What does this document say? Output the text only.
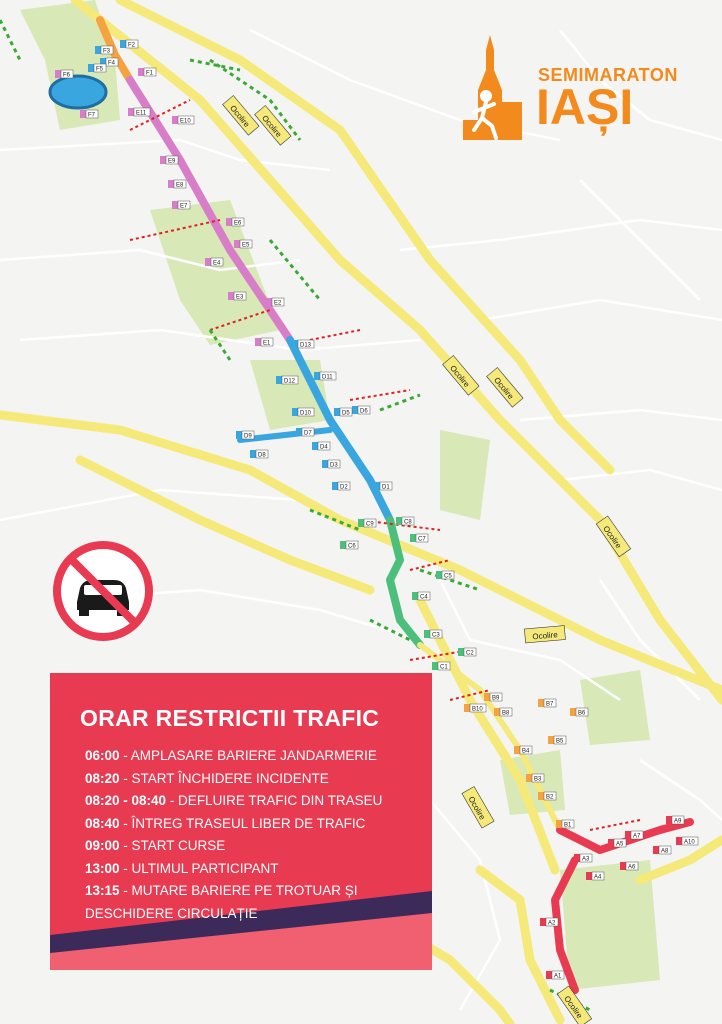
Ocolire Ocolire
Ocolire	Ocolire
Ocolire
Ocolire
Ocolire
Ocolire
F2
F1
F3
F4
F5
F6
F7	E11
E10
E9
E8
E7
E6
E5
E4
E3
E2
E1	D13
D12
D11
D10
D9
D8
D7
D6
D5
D4
D3
D2	D1
C9	C8
C7
C6
C5
C4
C3
C2
C1
B10
B9
B8
B7
B6
B5
B4
B3
B2
B1
A10
A9
A8
A7
A6
A5
A4
A3
A2
A1
SEMIMARATON
IAȘI
ORAR RESTRICTII TRAFIC
06:00 - AMPLASARE BARIERE JANDARMERIE
08:20 - START ÎNCHIDERE INCIDENTE
08:20 - 08:40 - DEFLUIRE TRAFIC DIN TRASEU
08:40 - ÎNTREG TRASEUL LIBER DE TRAFIC
09:00 - START CURSE
13:00 - ULTIMUL PARTICIPANT
13:15 - MUTARE BARIERE PE TROTUAR ȘI DESCHIDERE CIRCULAȚIE
